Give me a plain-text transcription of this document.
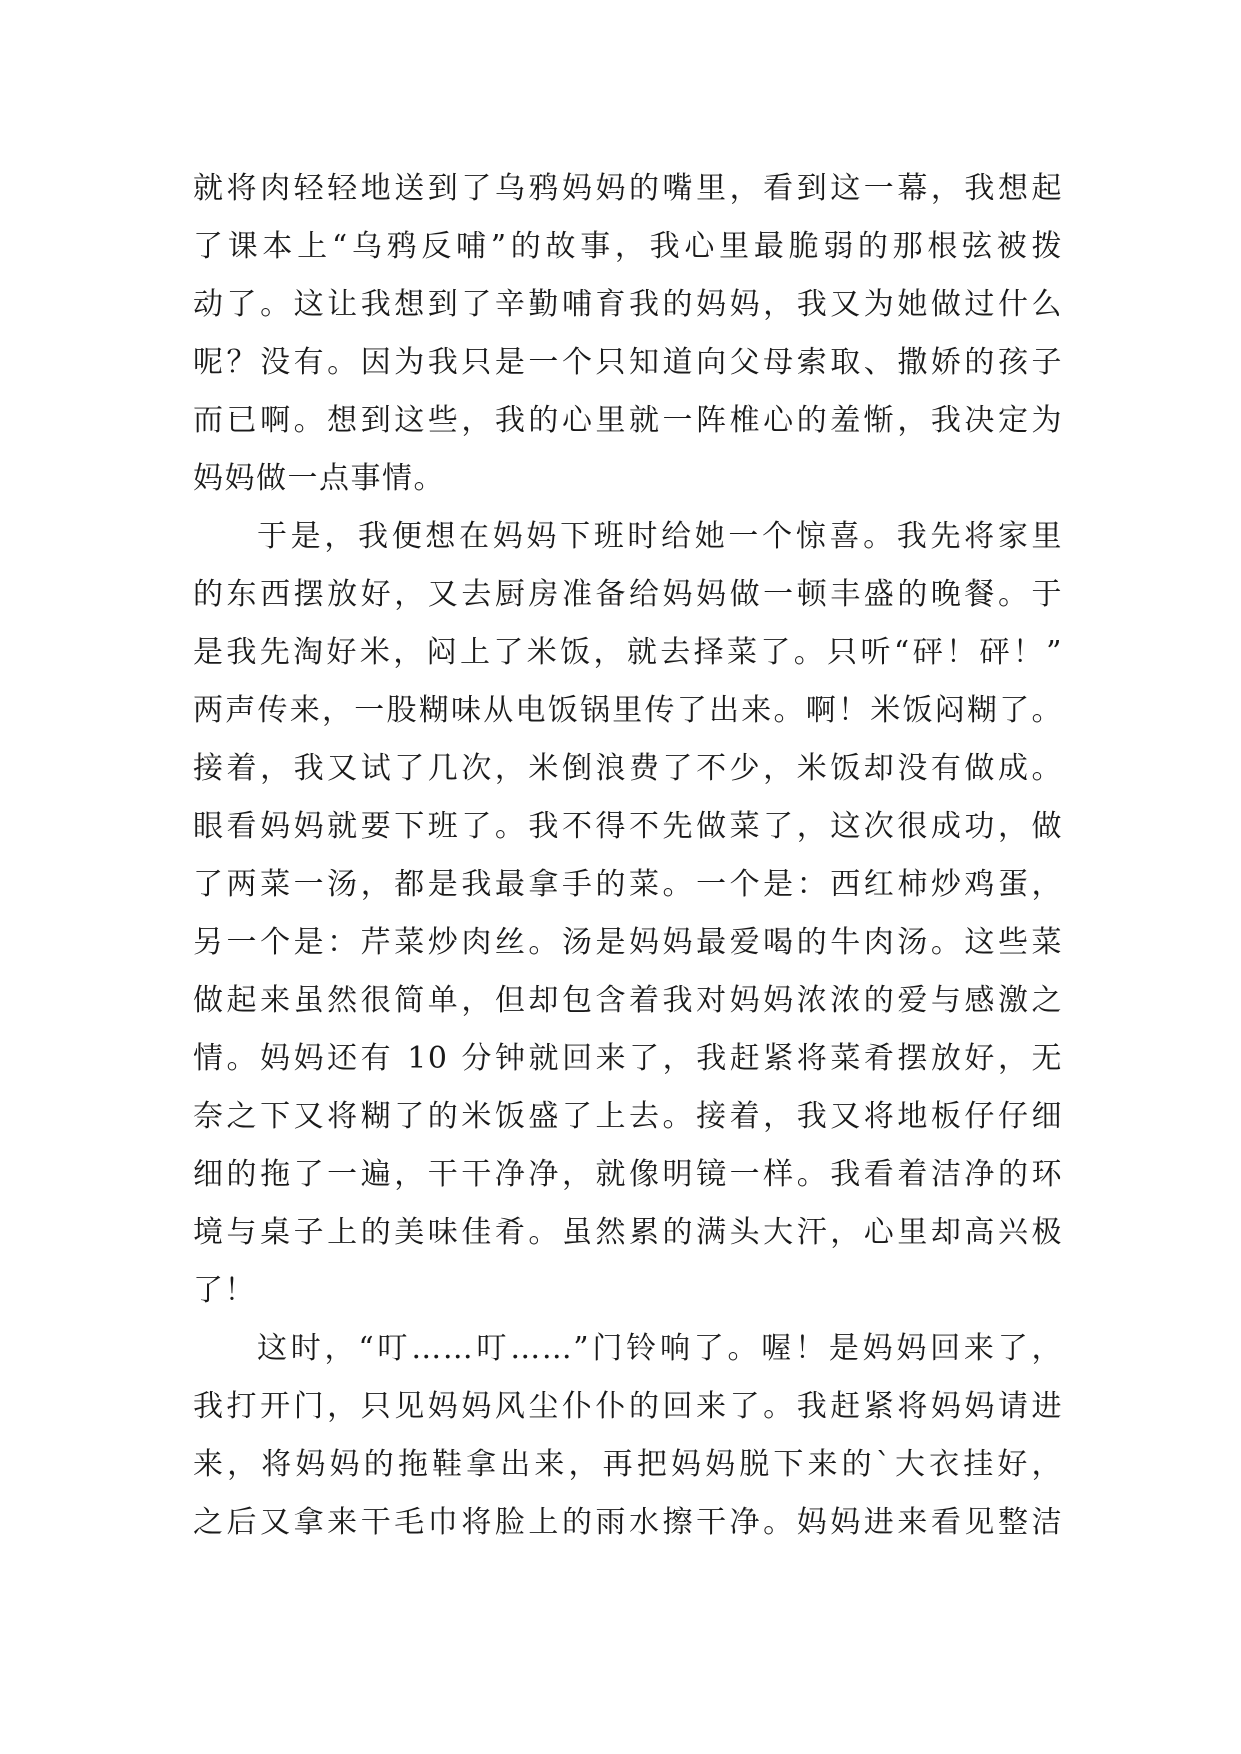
就将肉轻轻地送到了乌鸦妈妈的嘴里，看到这一幕，我想起
了课本上“乌鸦反哺”的故事，我心里最脆弱的那根弦被拨
动了。这让我想到了辛勤哺育我的妈妈，我又为她做过什么
呢？没有。因为我只是一个只知道向父母索取、撒娇的孩子
而已啊。想到这些，我的心里就一阵椎心的羞惭，我决定为
妈妈做一点事情。
于是，我便想在妈妈下班时给她一个惊喜。我先将家里
的东西摆放好，又去厨房准备给妈妈做一顿丰盛的晚餐。于
是我先淘好米，闷上了米饭，就去择菜了。只听“砰！砰！”
两声传来，一股糊味从电饭锅里传了出来。啊！米饭闷糊了。
接着，我又试了几次，米倒浪费了不少，米饭却没有做成。
眼看妈妈就要下班了。我不得不先做菜了，这次很成功，做
了两菜一汤，都是我最拿手的菜。一个是：西红柿炒鸡蛋，
另一个是：芹菜炒肉丝。汤是妈妈最爱喝的牛肉汤。这些菜
做起来虽然很简单，但却包含着我对妈妈浓浓的爱与感激之
情。妈妈还有 10 分钟就回来了，我赶紧将菜肴摆放好，无
奈之下又将糊了的米饭盛了上去。接着，我又将地板仔仔细
细的拖了一遍，干干净净，就像明镜一样。我看着洁净的环
境与桌子上的美味佳肴。虽然累的满头大汗，心里却高兴极
了！
这时，“叮……叮……”门铃响了。喔！是妈妈回来了，
我打开门，只见妈妈风尘仆仆的回来了。我赶紧将妈妈请进
来，将妈妈的拖鞋拿出来，再把妈妈脱下来的`大衣挂好，
之后又拿来干毛巾将脸上的雨水擦干净。妈妈进来看见整洁
